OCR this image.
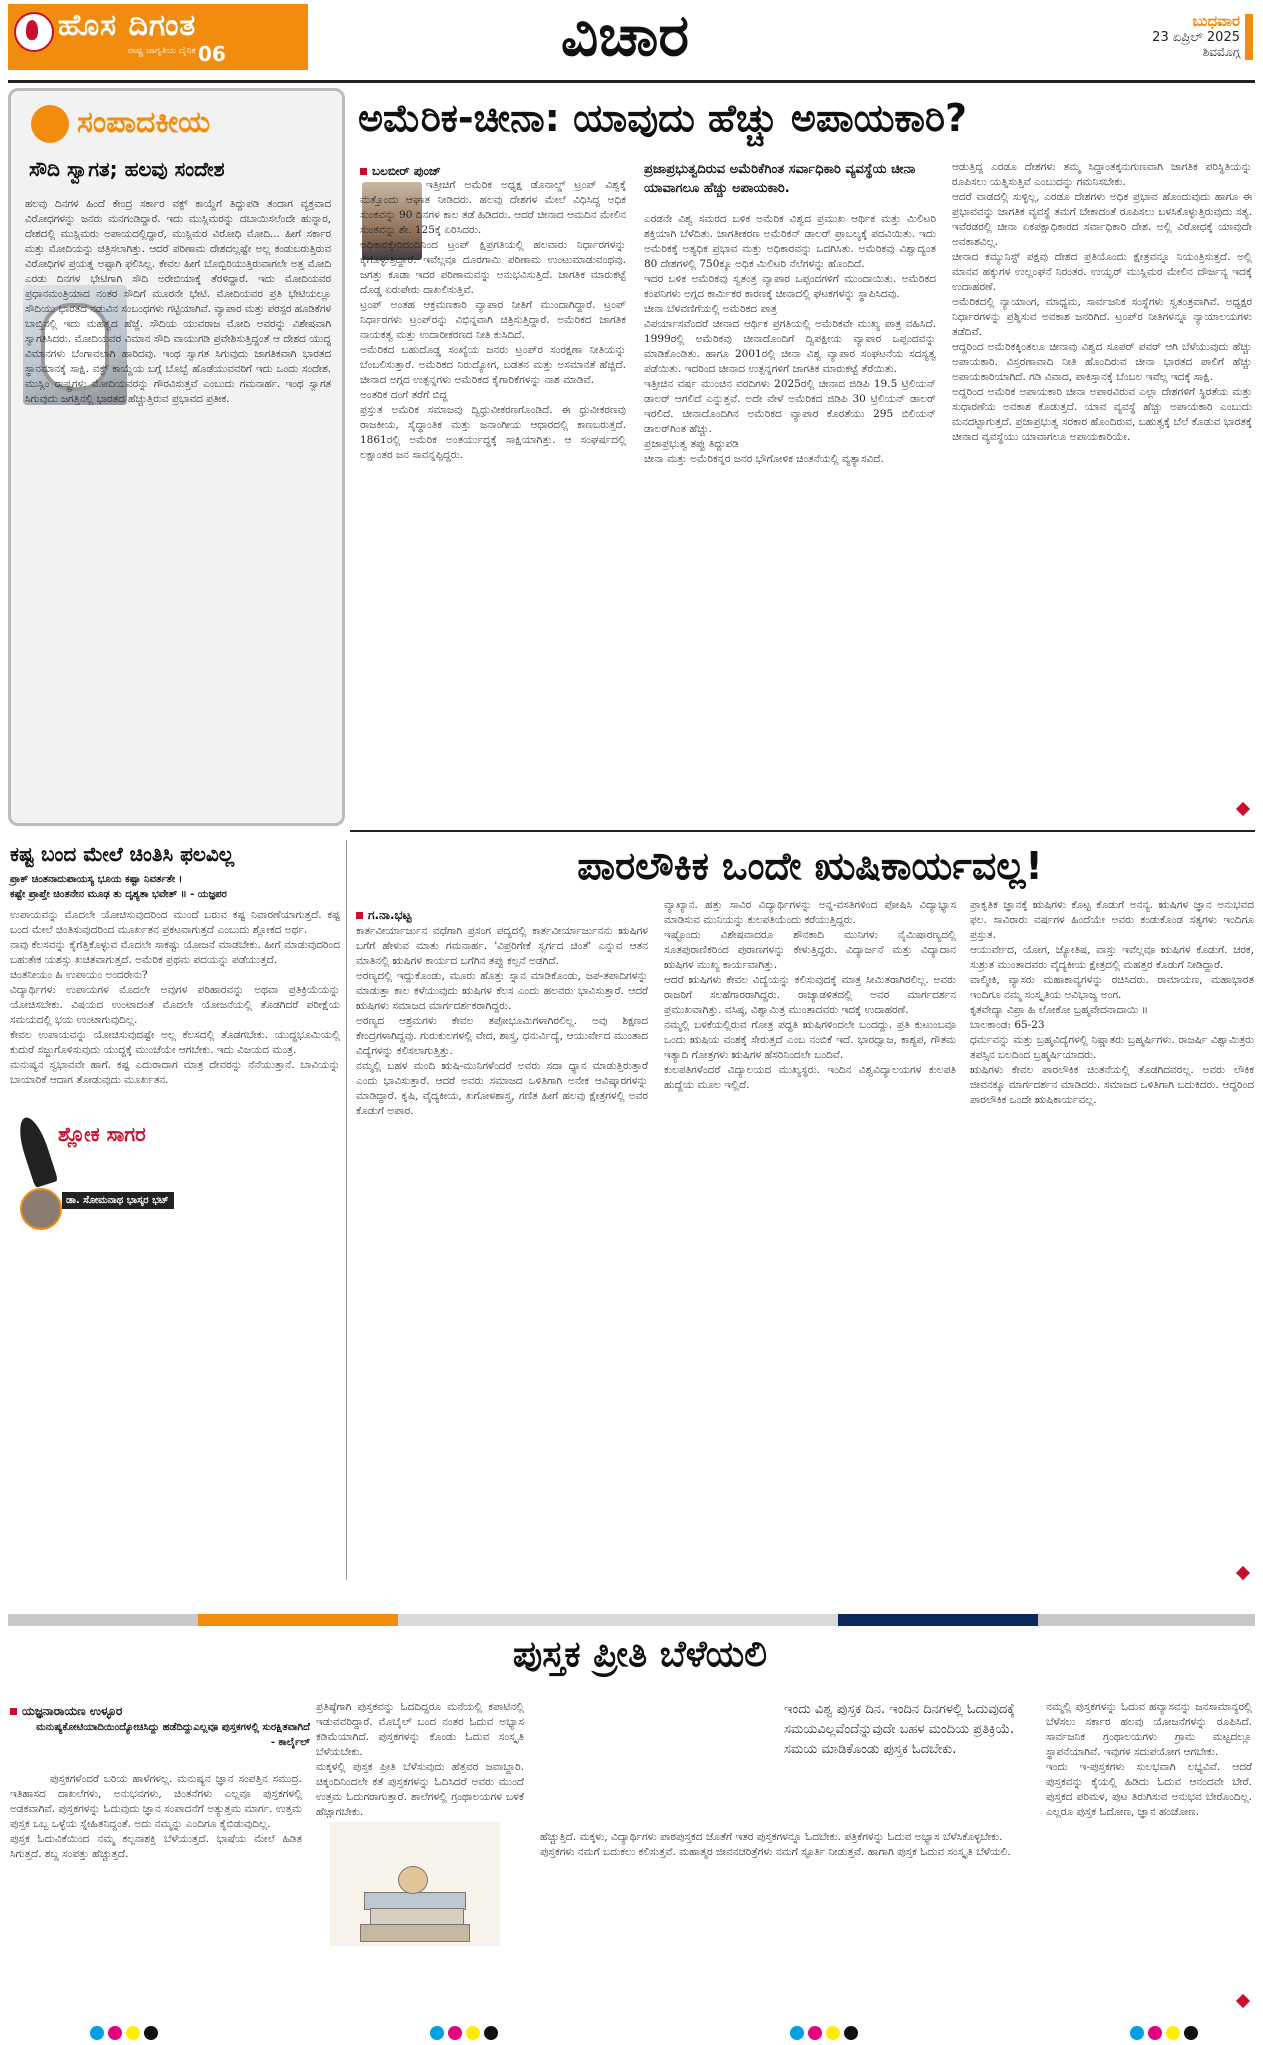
ಹೊಸ ದಿಗಂತ
ರಾಷ್ಟ್ರ ಜಾಗೃತಿಯ ದೈನಿಕ 06	ವಿಚಾರ	ಬುಧವಾರ
23 ಏಪ್ರಿಲ್ 2025
ಶಿವಮೊಗ್ಗ
ಸಂಪಾದಕೀಯ
ಸೌದಿ ಸ್ವಾಗತ; ಹಲವು ಸಂದೇಶ
ಹಲವು ದಿನಗಳ ಹಿಂದೆ ಕೇಂದ್ರ ಸರ್ಕಾರ ವಕ್ಫ್ ಕಾಯ್ದೆಗೆ ತಿದ್ದುಪಡಿ ತಂದಾಗ ವ್ಯಕ್ತವಾದ ವಿರೋಧಗಳನ್ನು ಜನರು ಮನಗಂಡಿದ್ದಾರೆ. ಇದು ಮುಸ್ಲಿಮರನ್ನು ದಬಾಯಿಸಲೆಂದೇ ಹುನ್ನಾರ, ದೇಶದಲ್ಲಿ ಮುಸ್ಲಿಮರು ಅಪಾಯದಲ್ಲಿದ್ದಾರೆ, ಮುಸ್ಲಿಮರ ವಿರೋಧಿ ಮೋದಿ... ಹೀಗೆ ಸರ್ಕಾರ ಮತ್ತು ಮೋದಿಯನ್ನು ಚಿತ್ರಿಸಲಾಗಿತ್ತು. ಆದರೆ ಪರಿಣಾಮ ದೇಶದಲ್ಲಷ್ಟೇ ಅಲ್ಲ ಕಂಡುಬರುತ್ತಿರುವ ವಿರೋಧಿಗಳ ಪ್ರಯತ್ನ ಅಷ್ಟಾಗಿ ಫಲಿಸಿಲ್ಲ. ಕೇವಲ ಹೀಗೆ ಬೊಬ್ಬಿರಿಯುತ್ತಿರುವಾಗಲೇ ಅತ್ತ ಮೋದಿ ಎರಡು ದಿನಗಳ ಭೇಟಿಗಾಗಿ ಸೌದಿ ಅರೇಬಿಯಾಕ್ಕೆ ತೆರಳಿದ್ದಾರೆ. ಇದು ಮೋದಿಯವರ ಪ್ರಧಾನಮಂತ್ರಿಯಾದ ನಂತರ ಸೌದಿಗೆ ಮೂರನೇ ಭೇಟಿ. ಮೋದಿಯವರ ಪ್ರತಿ ಭೇಟಿಯಲ್ಲೂ ಸೌದಿಯು ಭಾರತದ ನಡುವಿನ ಸಂಬಂಧಗಳು ಗಟ್ಟಿಯಾಗಿವೆ. ವ್ಯಾಪಾರ ಮತ್ತು ಪರಸ್ಪರ ಹೂಡಿಕೆಗಳ ಬಾಬ್ತಿನಲ್ಲಿ ಇದು ಮಹತ್ವದ ಹೆಜ್ಜೆ. ಸೌದಿಯ ಯುವರಾಜ ಮೋದಿ ಅವರನ್ನು ವಿಶೇಷವಾಗಿ ಸ್ವಾಗತಿಸಿದರು. ಮೋದಿಯವರ ವಿಮಾನ ಸೌದಿ ವಾಯುಗಡಿ ಪ್ರವೇಶಿಸುತ್ತಿದ್ದಂತೆ ಆ ದೇಶದ ಯುದ್ಧ ವಿಮಾನಗಳು ಬೆಂಗಾವಲಾಗಿ ಹಾರಿದವು. ಇಂಥ ಸ್ವಾಗತ ಸಿಗುವುದು ಜಾಗತಿಕವಾಗಿ ಭಾರತದ ಸ್ಥಾನಮಾನಕ್ಕೆ ಸಾಕ್ಷಿ. ವಕ್ಫ್ ಕಾಯ್ದೆಯ ಬಗ್ಗೆ ಬೊಬ್ಬೆ ಹೊಡೆಯುವವರಿಗೆ ಇದು ಒಂದು ಸಂದೇಶ. ಮುಸ್ಲಿಂ ರಾಷ್ಟ್ರಗಳು ಮೋದಿಯವರನ್ನು ಗೌರವಿಸುತ್ತವೆ ಎಂಬುದು ಗಮನಾರ್ಹ. ಇಂಥ ಸ್ವಾಗತ ಸಿಗುವುದು ಜಗತ್ತಿನಲ್ಲಿ ಭಾರತದ ಹೆಚ್ಚುತ್ತಿರುವ ಪ್ರಭಾವದ ಪ್ರತೀಕ.
ಅಮೆರಿಕ-ಚೀನಾ: ಯಾವುದು ಹೆಚ್ಚು ಅಪಾಯಕಾರಿ?
ಬಲಬೀರ್ ಪುಂಜ್
ಇತ್ತೀಚಿಗೆ ಅಮೆರಿಕ ಅಧ್ಯಕ್ಷ ಡೊನಾಲ್ಡ್ ಟ್ರಂಪ್ ವಿಶ್ವಕ್ಕೆ ಮತ್ತೊಂದು ಆಘಾತ ನೀಡಿದರು. ಹಲವು ದೇಶಗಳ ಮೇಲೆ ವಿಧಿಸಿದ್ದ ಅಧಿಕ ಸುಂಕವನ್ನು 90 ದಿನಗಳ ಕಾಲ ತಡೆ ಹಿಡಿದರು. ಆದರೆ ಚೀನಾದ ಆಮದಿನ ಮೇಲಿನ ಸುಂಕವನ್ನು ಶೇ. 125ಕ್ಕೆ ಏರಿಸಿದರು.
ಅಧಿಕಾರಕ್ಕೇರಿದಂದಿನಿಂದ ಟ್ರಂಪ್ ಕ್ಷಿಪ್ರಗತಿಯಲ್ಲಿ ಹಲವಾರು ನಿರ್ಧಾರಗಳನ್ನು ಕೈಗೊಳ್ಳುತ್ತಿದ್ದಾರೆ. ಇವೆಲ್ಲವೂ ದೂರಗಾಮಿ ಪರಿಣಾಮ ಉಂಟುಮಾಡುವಂಥವು. ಜಗತ್ತು ಕೂಡಾ ಇದರ ಪರಿಣಾಮವನ್ನು ಅನುಭವಿಸುತ್ತಿದೆ. ಜಾಗತಿಕ ಮಾರುಕಟ್ಟೆ ದೊಡ್ಡ ಏರುಪೇರು ದಾಖಲಿಸುತ್ತಿವೆ.
ಟ್ರಂಪ್ ಅಂತಹ ಆಕ್ರಮಣಕಾರಿ ವ್ಯಾಪಾರ ನೀತಿಗೆ ಮುಂದಾಗಿದ್ದಾರೆ. ಟ್ರಂಪ್ ನಿರ್ಧಾರಗಳು ಟ್ರಂಪ್‌ರನ್ನು ವಿಭಿನ್ನವಾಗಿ ಚಿತ್ರಿಸುತ್ತಿದ್ದಾರೆ. ಅಮೆರಿಕದ ಜಾಗತಿಕ ನಾಯಕತ್ವ ಮತ್ತು ಉದಾರೀಕರಣದ ನೀತಿ ಕುಸಿದಿದೆ.
ಅಮೆರಿಕದ ಬಹುದೊಡ್ಡ ಸಂಖ್ಯೆಯ ಜನರು ಟ್ರಂಪ್‌ರ ಸಂರಕ್ಷಣಾ ನೀತಿಯನ್ನು ಬೆಂಬಲಿಸುತ್ತಾರೆ. ಅಮೆರಿಕದ ನಿರುದ್ಯೋಗ, ಬಡತನ ಮತ್ತು ಅಸಮಾನತೆ ಹೆಚ್ಚಿದೆ. ಚೀನಾದ ಅಗ್ಗದ ಉತ್ಪನ್ನಗಳು ಅಮೆರಿಕದ ಕೈಗಾರಿಕೆಗಳನ್ನು ನಾಶ ಮಾಡಿವೆ.
ಅಂತರಿಕ ದಂಗೆ ತರೆಗೆ ಬಿದ್ದ
ಪ್ರಸ್ತುತ ಅಮೆರಿಕ ಸಮಾಜವು ದ್ವಿಧ್ರುವೀಕರಣಗೊಂಡಿದೆ. ಈ ಧ್ರುವೀಕರಣವು ರಾಜಕೀಯ, ಸೈದ್ಧಾಂತಿಕ ಮತ್ತು ಜನಾಂಗೀಯ ಆಧಾರದಲ್ಲಿ ಕಾಣಬರುತ್ತದೆ. 1861ರಲ್ಲಿ ಅಮೆರಿಕ ಅಂತರ್ಯುದ್ಧಕ್ಕೆ ಸಾಕ್ಷಿಯಾಗಿತ್ತು. ಆ ಸಂಘರ್ಷದಲ್ಲಿ ಲಕ್ಷಾಂತರ ಜನ ಸಾವನ್ನಪ್ಪಿದ್ದರು.
ಪ್ರಜಾಪ್ರಭುತ್ವದಿರುವ ಅಮೆರಿಕೆಗಿಂತ ಸರ್ವಾಧಿಕಾರಿ ವ್ಯವಸ್ಥೆಯ ಚೀನಾ ಯಾವಾಗಲೂ ಹೆಚ್ಚು ಅಪಾಯಕಾರಿ.
ಎರಡನೇ ವಿಶ್ವ ಸಮರದ ಬಳಿಕ ಅಮೆರಿಕ ವಿಶ್ವದ ಪ್ರಮುಖ ಆರ್ಥಿಕ ಮತ್ತು ಮಿಲಿಟರಿ ಶಕ್ತಿಯಾಗಿ ಬೆಳೆದಿತು. ಜಾಗತೀಕರಣ ಅಮೆರಿಕನ್ ಡಾಲರ್ ಪ್ರಾಬಲ್ಯಕ್ಕೆ ಪದವಿಯಿತು. ಇದು ಅಮೆರಿಕಕ್ಕೆ ಅತ್ಯಧಿಕ ಪ್ರಭಾವ ಮತ್ತು ಅಧಿಕಾರವನ್ನು ಒದಗಿಸಿತು. ಅಮೆರಿಕವು ವಿಶ್ವಾದ್ಯಂತ 80 ದೇಶಗಳಲ್ಲಿ 750ಕ್ಕೂ ಅಧಿಕ ಮಿಲಿಟರಿ ನೆಲೆಗಳನ್ನು ಹೊಂದಿದೆ.
ಇದರ ಬಳಿಕ ಅಮೆರಿಕವು ಸ್ವತಂತ್ರ ವ್ಯಾಪಾರ ಒಪ್ಪಂದಗಳಿಗೆ ಮುಂದಾಯಿತು. ಅಮೆರಿಕದ ಕಂಪನಿಗಳು ಅಗ್ಗದ ಕಾರ್ಮಿಕರ ಕಾರಣಕ್ಕೆ ಚೀನಾದಲ್ಲಿ ಘಟಕಗಳನ್ನು ಸ್ಥಾಪಿಸಿದವು.
ಚೀನಾ ಬೆಳವಣಿಗೆಯಲ್ಲಿ ಅಮೆರಿಕದ ಪಾತ್ರ
ವಿಪರ್ಯಾಸವೆಂದರೆ ಚೀನಾದ ಆರ್ಥಿಕ ಪ್ರಗತಿಯಲ್ಲಿ ಅಮೆರಿಕವೇ ಮುಖ್ಯ ಪಾತ್ರ ವಹಿಸಿದೆ. 1999ರಲ್ಲಿ ಅಮೆರಿಕವು ಚೀನಾದೊಂದಿಗೆ ದ್ವಿಪಕ್ಷೀಯ ವ್ಯಾಪಾರ ಒಪ್ಪಂದವನ್ನು ಮಾಡಿಕೊಂಡಿತು. ಹಾಗೂ 2001ರಲ್ಲಿ ಚೀನಾ ವಿಶ್ವ ವ್ಯಾಪಾರ ಸಂಘಟನೆಯ ಸದಸ್ಯತ್ವ ಪಡೆಯಿತು. ಇದರಿಂದ ಚೀನಾದ ಉತ್ಪನ್ನಗಳಿಗೆ ಜಾಗತಿಕ ಮಾರುಕಟ್ಟೆ ತೆರೆಯಿತು.
ಇತ್ತೀಚಿನ ವರ್ಷ ಮುಂಚಿನ ವರದಿಗಳು 2025ರಲ್ಲಿ ಚೀನಾದ ಜಿಡಿಪಿ 19.5 ಟ್ರಿಲಿಯನ್ ಡಾಲರ್ ಆಗಲಿದೆ ಎನ್ನುತ್ತವೆ. ಅದೇ ವೇಳೆ ಅಮೆರಿಕದ ಜಿಡಿಪಿ 30 ಟ್ರಿಲಿಯನ್ ಡಾಲರ್ ಇರಲಿದೆ. ಚೀನಾದೊಂದಿಗಿನ ಅಮೆರಿಕದ ವ್ಯಾಪಾರ ಕೊರತೆಯು 295 ಬಿಲಿಯನ್ ಡಾಲರ್‌ಗಿಂತ ಹೆಚ್ಚು.
ಪ್ರಜಾಪ್ರಭುತ್ವ ತಪ್ಪು ತಿದ್ದುಪಡಿ
ಚೀನಾ ಮತ್ತು ಅಮೆರಿಕನ್ನರ ಜನರ ಭೌಗೋಳಿಕ ಚಿಂತನೆಯಲ್ಲಿ ವ್ಯತ್ಯಾಸವಿದೆ.
ಆಡುತ್ತಿದ್ದ ಎರಡೂ ದೇಶಗಳು ತಮ್ಮ ಸಿದ್ಧಾಂತಕ್ಕನುಗುಣವಾಗಿ ಜಾಗತಿಕ ಪರಿಸ್ಥಿತಿಯನ್ನು ರೂಪಿಸಲು ಯತ್ನಿಸುತ್ತಿವೆ ಎಂಬುದನ್ನು ಗಮನಿಸಬೇಕು.
ಆದರೆ ವಾಡದಲ್ಲಿ ಸುಳ್ಳಿಲ್ಲ, ಎರಡೂ ದೇಶಗಳು ಅಧಿಕ ಪ್ರಭಾವ ಹೊಂದುವುದು ಹಾಗೂ ಈ ಪ್ರಭಾವವನ್ನು ಜಾಗತಿಕ ವ್ಯವಸ್ಥೆ ತಮಗೆ ಬೇಕಾದಂತೆ ರೂಪಿಸಲು ಬಳಸಿಕೊಳ್ಳುತ್ತಿರುವುದು ಸತ್ಯ. ಇವೆರಡರಲ್ಲಿ ಚೀನಾ ಏಕಪಕ್ಷಾಧಿಕಾರದ ಸರ್ವಾಧಿಕಾರಿ ದೇಶ. ಅಲ್ಲಿ ವಿರೋಧಕ್ಕೆ ಯಾವುದೇ ಅವಕಾಶವಿಲ್ಲ.
ಚೀನಾದ ಕಮ್ಯುನಿಸ್ಟ್ ಪಕ್ಷವು ದೇಶದ ಪ್ರತಿಯೊಂದು ಕ್ಷೇತ್ರವನ್ನೂ ನಿಯಂತ್ರಿಸುತ್ತದೆ. ಅಲ್ಲಿ ಮಾನವ ಹಕ್ಕುಗಳ ಉಲ್ಲಂಘನೆ ನಿರಂತರ. ಉಯ್ಘರ್ ಮುಸ್ಲಿಮರ ಮೇಲಿನ ದೌರ್ಜನ್ಯ ಇದಕ್ಕೆ ಉದಾಹರಣೆ.
ಅಮೆರಿಕದಲ್ಲಿ ನ್ಯಾಯಾಂಗ, ಮಾಧ್ಯಮ, ಸಾರ್ವಜನಿಕ ಸಂಸ್ಥೆಗಳು ಸ್ವತಂತ್ರವಾಗಿವೆ. ಅಧ್ಯಕ್ಷರ ನಿರ್ಧಾರಗಳನ್ನು ಪ್ರಶ್ನಿಸುವ ಅವಕಾಶ ಜನರಿಗಿದೆ. ಟ್ರಂಪ್‌ರ ನೀತಿಗಳನ್ನೂ ನ್ಯಾಯಾಲಯಗಳು ತಡೆದಿವೆ.
ಆದ್ದರಿಂದ ಅಮೆರಿಕಕ್ಕಿಂತಲೂ ಚೀನಾವು ವಿಶ್ವದ ಸೂಪರ್ ಪವರ್ ಆಗಿ ಬೆಳೆಯುವುದು ಹೆಚ್ಚು ಅಪಾಯಕಾರಿ. ವಿಸ್ತರಣಾವಾದಿ ನೀತಿ ಹೊಂದಿರುವ ಚೀನಾ ಭಾರತದ ಪಾಲಿಗೆ ಹೆಚ್ಚು ಅಪಾಯಕಾರಿಯಾಗಿದೆ. ಗಡಿ ವಿವಾದ, ಪಾಕಿಸ್ತಾನಕ್ಕೆ ಬೆಂಬಲ ಇವೆಲ್ಲ ಇದಕ್ಕೆ ಸಾಕ್ಷಿ.
ಅದ್ದರಿಂದ ಅಮೆರಿಕ ಅಪಾಯಕಾರಿ ಚೀನಾ ಅಪಾರವಿರುವ ಎಲ್ಲಾ ದೇಶಗಳಿಗೆ ಸ್ಥಿರತೆಯ ಮತ್ತು ಸುಧಾರಣೆಯ ಅವಕಾಶ ಕೊಡುತ್ತದೆ. ಯಾವ ವ್ಯವಸ್ಥೆ ಹೆಚ್ಚು ಅಪಾಯಕಾರಿ ಎಂಬುದು ಮನದಟ್ಟಾಗುತ್ತದೆ. ಪ್ರಜಾಪ್ರಭುತ್ವ ಸರಕಾರ ಹೊಂದಿರುವ, ಬಹುತ್ವಕ್ಕೆ ಬೆಲೆ ಕೊಡುವ ಭಾರತಕ್ಕೆ ಚೀನಾದ ವ್ಯವಸ್ಥೆಯು ಯಾವಾಗಲೂ ಅಪಾಯಕಾರಿಯೇ.
ಕಷ್ಟ ಬಂದ ಮೇಲೆ ಚಿಂತಿಸಿ ಫಲವಿಲ್ಲ
ಪ್ರಾಕ್ ಚಿಂತನಾದುಪಾಯಸ್ಯ ಭೂಯ ಕಷ್ಟಾ ನಿವರ್ತತೇ ।
ಕಷ್ಟೇ ಪ್ರಾಪ್ತೇ ಚಿಂತನೇನ ಮೂಢ ತು ದೃಶ್ಯತಾ ಭವೇತ್ ॥ - ಯಜ್ಞಪರ
ಉಪಾಯವನ್ನು ಮೊದಲೇ ಯೋಚಿಸುವುದರಿಂದ ಮುಂದೆ ಬರುವ ಕಷ್ಟ ನಿವಾರಣೆಯಾಗುತ್ತದೆ. ಕಷ್ಟ ಬಂದ ಮೇಲೆ ಚಿಂತಿಸುವುದರಿಂದ ಮೂರ್ಖತನ ಪ್ರಕಟವಾಗುತ್ತದೆ ಎಂಬುದು ಶ್ಲೋಕದ ಅರ್ಥ.
ನಾವು ಕೆಲಸವನ್ನು ಕೈಗೆತ್ತಿಕೊಳ್ಳುವ ಮೊದಲೇ ಸಾಕಷ್ಟು ಯೋಜನೆ ಮಾಡಬೇಕು. ಹೀಗೆ ಮಾಡುವುದರಿಂದ ಬಹುತೇಕ ಯಶಸ್ಸು ಖಚಿತವಾಗುತ್ತದೆ. ಅಮೆರಿಕ ಪ್ರಥಮ ಪದಯನ್ನು ಪಡೆಯುತ್ತದೆ.
ಚಿಂತನೀಯಂ ಹಿ ಉಪಾಯಂ ಅಂದರೇನು?
ವಿದ್ಯಾರ್ಥಿಗಳು ಉಪಾಯಗಳ ಮೊದಲೇ ಅವುಗಳ ಪರಿಹಾರವನ್ನು ಅಥವಾ ಪ್ರತಿಕ್ರಿಯೆಯನ್ನು ಯೋಚಿಸಬೇಕು. ವಿಷಯದ ಉಂಟಾದಂತೆ ಮೊದಲೇ ಯೋಜನೆಯಲ್ಲಿ ತೊಡಗಿದರೆ ಪರೀಕ್ಷೆಯ ಸಮಯದಲ್ಲಿ ಭಯ ಉಂಟಾಗುವುದಿಲ್ಲ.
ಕೇವಲ ಉಪಾಯವನ್ನು ಯೋಚಿಸುವುದಷ್ಟೇ ಅಲ್ಲ ಕೆಲಸದಲ್ಲಿ ತೊಡಗಬೇಕು. ಯುದ್ಧಭೂಮಿಯಲ್ಲಿ ಕುದುರೆ ಸಜ್ಜುಗೊಳಿಸುವುದು ಯುದ್ಧಕ್ಕೆ ಮುಂಚೆಯೇ ಆಗಬೇಕು. ಇದು ವಿಜಯದ ಮಂತ್ರ.
ಮನುಷ್ಯನ ಸ್ವಭಾವವೇ ಹಾಗೆ. ಕಷ್ಟ ಎದುರಾದಾಗ ಮಾತ್ರ ದೇವರನ್ನು ನೆನೆಯುತ್ತಾನೆ. ಬಾವಿಯನ್ನು ಬಾಯಾರಿಕೆ ಆದಾಗ ತೋಡುವುದು ಮೂರ್ಖತನ.
ಶ್ಲೋಕ ಸಾಗರ
ಡಾ. ಸೋಮನಾಥ ಭಾಸ್ಕರ ಭಟ್
ಪಾರಲೌಕಿಕ ಒಂದೇ ಋಷಿಕಾರ್ಯವಲ್ಲ!
ಗ.ನಾ.ಭಟ್ಟ
ಕಾರ್ತವೀರ್ಯಾರ್ಜುನ ವಧೆಗಾಗಿ ಪ್ರಸಂಗ ಪದ್ಯದಲ್ಲಿ ಕಾರ್ತವೀರ್ಯಾರ್ಜುನನು ಋಷಿಗಳ ಬಗೆಗೆ ಹೇಳುವ ಮಾತು ಗಮನಾರ್ಹ. 'ವಿಪ್ರರಿಗೇಕೆ ಸ್ವರ್ಗದ ಚಿಂತೆ' ಎನ್ನುವ ಆತನ ಮಾತಿನಲ್ಲಿ ಋಷಿಗಳ ಕಾರ್ಯದ ಬಗೆಗಿನ ತಪ್ಪು ಕಲ್ಪನೆ ಅಡಗಿದೆ.
ಅರಣ್ಯದಲ್ಲಿ ಇದ್ದುಕೊಂಡು, ಮೂರು ಹೊತ್ತು ಸ್ನಾನ ಮಾಡಿಕೊಂಡು, ಜಪ-ತಪಾದಿಗಳನ್ನು ಮಾಡುತ್ತಾ ಕಾಲ ಕಳೆಯುವುದು ಋಷಿಗಳ ಕೆಲಸ ಎಂದು ಹಲವರು ಭಾವಿಸುತ್ತಾರೆ. ಆದರೆ ಋಷಿಗಳು ಸಮಾಜದ ಮಾರ್ಗದರ್ಶಕರಾಗಿದ್ದರು.
ಅರಣ್ಯದ ಆಶ್ರಮಗಳು ಕೇವಲ ತಪೋಭೂಮಿಗಳಾಗಿರಲಿಲ್ಲ. ಅವು ಶಿಕ್ಷಣದ ಕೇಂದ್ರಗಳಾಗಿದ್ದವು. ಗುರುಕುಲಗಳಲ್ಲಿ ವೇದ, ಶಾಸ್ತ್ರ, ಧನುರ್ವಿದ್ಯೆ, ಆಯುರ್ವೇದ ಮುಂತಾದ ವಿದ್ಯೆಗಳನ್ನು ಕಲಿಸಲಾಗುತ್ತಿತ್ತು.
ನಮ್ಮಲ್ಲಿ ಬಹಳ ಮಂದಿ ಋಷಿ-ಮುನಿಗಳೆಂದರೆ ಅವರು ಸದಾ ಧ್ಯಾನ ಮಾಡುತ್ತಿರುತ್ತಾರೆ ಎಂದು ಭಾವಿಸುತ್ತಾರೆ. ಆದರೆ ಅವರು ಸಮಾಜದ ಒಳಿತಿಗಾಗಿ ಅನೇಕ ಆವಿಷ್ಕಾರಗಳನ್ನು ಮಾಡಿದ್ದಾರೆ. ಕೃಷಿ, ವೈದ್ಯಕೀಯ, ಖಗೋಳಶಾಸ್ತ್ರ, ಗಣಿತ ಹೀಗೆ ಹಲವು ಕ್ಷೇತ್ರಗಳಲ್ಲಿ ಅವರ ಕೊಡುಗೆ ಅಪಾರ.
ವ್ಯಾಖ್ಯಾನ. ಹತ್ತು ಸಾವಿರ ವಿದ್ಯಾರ್ಥಿಗಳನ್ನು ಅನ್ನ-ವಸತಿಗಳಿಂದ ಪೋಷಿಸಿ ವಿದ್ಯಾಭ್ಯಾಸ ಮಾಡಿಸುವ ಮುನಿಯನ್ನು ಕುಲಪತಿಯೆಂದು ಕರೆಯುತ್ತಿದ್ದರು.
ಇಷ್ಟೊಂದು ವಿಶೇಷವಾದರೂ ಶೌನಕಾದಿ ಮುನಿಗಳು ನೈಮಿಷಾರಣ್ಯದಲ್ಲಿ ಸೂತಪುರಾಣಿಕರಿಂದ ಪುರಾಣಗಳನ್ನು ಕೇಳುತ್ತಿದ್ದರು. ವಿದ್ಯಾರ್ಜನೆ ಮತ್ತು ವಿದ್ಯಾದಾನ ಋಷಿಗಳ ಮುಖ್ಯ ಕಾರ್ಯವಾಗಿತ್ತು.
ಆದರೆ ಋಷಿಗಳು ಕೇವಲ ವಿದ್ಯೆಯನ್ನು ಕಲಿಸುವುದಕ್ಕೆ ಮಾತ್ರ ಸೀಮಿತರಾಗಿರಲಿಲ್ಲ. ಅವರು ರಾಜರಿಗೆ ಸಲಹೆಗಾರರಾಗಿದ್ದರು. ರಾಜ್ಯಾಡಳಿತದಲ್ಲಿ ಅವರ ಮಾರ್ಗದರ್ಶನ ಪ್ರಮುಖವಾಗಿತ್ತು. ವಸಿಷ್ಠ, ವಿಶ್ವಾಮಿತ್ರ ಮುಂತಾದವರು ಇದಕ್ಕೆ ಉದಾಹರಣೆ.
ನಮ್ಮಲ್ಲಿ ಬಳಕೆಯಲ್ಲಿರುವ ಗೋತ್ರ ಪದ್ಧತಿ ಋಷಿಗಳಿಂದಲೇ ಬಂದದ್ದು. ಪ್ರತಿ ಕುಟುಂಬವೂ ಒಂದು ಋಷಿಯ ವಂಶಕ್ಕೆ ಸೇರುತ್ತದೆ ಎಂಬ ನಂಬಿಕೆ ಇದೆ. ಭಾರದ್ವಾಜ, ಕಾಶ್ಯಪ, ಗೌತಮ ಇತ್ಯಾದಿ ಗೋತ್ರಗಳು ಋಷಿಗಳ ಹೆಸರಿನಿಂದಲೇ ಬಂದಿವೆ.
ಕುಲಪತಿಗಳೆಂದರೆ ವಿದ್ಯಾಲಯದ ಮುಖ್ಯಸ್ಥರು. ಇಂದಿನ ವಿಶ್ವವಿದ್ಯಾಲಯಗಳ ಕುಲಪತಿ ಹುದ್ದೆಯ ಮೂಲ ಇಲ್ಲಿದೆ.
ಪ್ರಾಕೃತಿಕ ಜ್ಞಾನಕ್ಕೆ ಋಷಿಗಳು ಕೊಟ್ಟ ಕೊಡುಗೆ ಅನನ್ಯ. ಋಷಿಗಳ ಜ್ಞಾನ ಅನುಭವದ ಫಲ. ಸಾವಿರಾರು ವರ್ಷಗಳ ಹಿಂದೆಯೇ ಅವರು ಕಂಡುಕೊಂಡ ಸತ್ಯಗಳು ಇಂದಿಗೂ ಪ್ರಸ್ತುತ.
ಆಯುರ್ವೇದ, ಯೋಗ, ಜ್ಯೋತಿಷ, ವಾಸ್ತು ಇವೆಲ್ಲವೂ ಋಷಿಗಳ ಕೊಡುಗೆ. ಚರಕ, ಸುಶ್ರುತ ಮುಂತಾದವರು ವೈದ್ಯಕೀಯ ಕ್ಷೇತ್ರದಲ್ಲಿ ಮಹತ್ತರ ಕೊಡುಗೆ ನೀಡಿದ್ದಾರೆ.
ವಾಲ್ಮೀಕಿ, ವ್ಯಾಸರು ಮಹಾಕಾವ್ಯಗಳನ್ನು ರಚಿಸಿದರು. ರಾಮಾಯಣ, ಮಹಾಭಾರತ ಇಂದಿಗೂ ನಮ್ಮ ಸಂಸ್ಕೃತಿಯ ಅವಿಭಾಜ್ಯ ಅಂಗ.
ಕೃತವೇದ್ಯಾ ವಿಪ್ರಾ ಹಿ ಲೋಕೋ ಬ್ರಹ್ಮವೇದನಾದಾಯಿ ॥
ಬಾಲಕಾಂಡ: 65-23
ಧರ್ಮವನ್ನು ಮತ್ತು ಬ್ರಹ್ಮವಿದ್ಯೆಗಳಲ್ಲಿ ನಿಷ್ಣಾತರು ಬ್ರಹ್ಮರ್ಷಿಗಳು. ರಾಜರ್ಷಿ ವಿಶ್ವಾಮಿತ್ರರು ತಪಸ್ಸಿನ ಬಲದಿಂದ ಬ್ರಹ್ಮರ್ಷಿಯಾದರು.
ಋಷಿಗಳು ಕೇವಲ ಪಾರಲೌಕಿಕ ಚಿಂತನೆಯಲ್ಲಿ ತೊಡಗಿದವರಲ್ಲ. ಅವರು ಲೌಕಿಕ ಜೀವನಕ್ಕೂ ಮಾರ್ಗದರ್ಶನ ಮಾಡಿದರು. ಸಮಾಜದ ಒಳಿತಿಗಾಗಿ ಬದುಕಿದರು. ಆದ್ದರಿಂದ ಪಾರಲೌಕಿಕ ಒಂದೇ ಋಷಿಕಾರ್ಯವಲ್ಲ.
ಪುಸ್ತಕ ಪ್ರೀತಿ ಬೆಳೆಯಲಿ
ಯಜ್ಞನಾರಾಯಣ ಉಳ್ಳೂರ
ಮನುಷ್ಯಕೋಟಿಯಾದಿಯಿಂದ್ಯೋಚಿಸಿದ್ದು ಹಡೆದಿದ್ದುಎಲ್ಲವೂ ಪುಸ್ತಕಗಳಲ್ಲಿ ಸುರಕ್ಷಿತವಾಗಿದೆ
- ಕಾರ್ಲೈಲ್
ಪುಸ್ತಕಗಳೆಂದರೆ ಬರಿಯ ಹಾಳೆಗಳಲ್ಲ. ಮನುಷ್ಯನ ಜ್ಞಾನ ಸಂಪತ್ತಿನ ಸಮುದ್ರ. ಇತಿಹಾಸದ ದಾಖಲೆಗಳು, ಅನುಭವಗಳು, ಚಿಂತನೆಗಳು ಎಲ್ಲವೂ ಪುಸ್ತಕಗಳಲ್ಲಿ ಅಡಕವಾಗಿವೆ. ಪುಸ್ತಕಗಳನ್ನು ಓದುವುದು ಜ್ಞಾನ ಸಂಪಾದನೆಗೆ ಅತ್ಯುತ್ತಮ ಮಾರ್ಗ. ಉತ್ತಮ ಪುಸ್ತಕ ಒಬ್ಬ ಒಳ್ಳೆಯ ಸ್ನೇಹಿತನಿದ್ದಂತೆ. ಅದು ನಮ್ಮನ್ನು ಎಂದಿಗೂ ಕೈಬಿಡುವುದಿಲ್ಲ.
ಪುಸ್ತಕ ಓದುವಿಕೆಯಿಂದ ನಮ್ಮ ಕಲ್ಪನಾಶಕ್ತಿ ಬೆಳೆಯುತ್ತದೆ. ಭಾಷೆಯ ಮೇಲೆ ಹಿಡಿತ ಸಿಗುತ್ತದೆ. ಶಬ್ದ ಸಂಪತ್ತು ಹೆಚ್ಚುತ್ತದೆ.
ಪ್ರತಿಷ್ಠೆಗಾಗಿ ಪುಸ್ತಕವನ್ನು ಓದದಿದ್ದರೂ ಮನೆಯಲ್ಲಿ ಕಪಾಟಿನಲ್ಲಿ ಇಡುವವರಿದ್ದಾರೆ. ಮೊಬೈಲ್ ಬಂದ ನಂತರ ಓದುವ ಅಭ್ಯಾಸ ಕಡಿಮೆಯಾಗಿದೆ. ಪುಸ್ತಕಗಳನ್ನು ಕೊಂಡು ಓದುವ ಸಂಸ್ಕೃತಿ ಬೆಳೆಯಬೇಕು.
ಮಕ್ಕಳಲ್ಲಿ ಪುಸ್ತಕ ಪ್ರೀತಿ ಬೆಳೆಸುವುದು ಹೆತ್ತವರ ಜವಾಬ್ದಾರಿ. ಚಿಕ್ಕಂದಿನಿಂದಲೇ ಕತೆ ಪುಸ್ತಕಗಳನ್ನು ಓದಿಸಿದರೆ ಅವರು ಮುಂದೆ ಉತ್ತಮ ಓದುಗರಾಗುತ್ತಾರೆ. ಶಾಲೆಗಳಲ್ಲಿ ಗ್ರಂಥಾಲಯಗಳ ಬಳಕೆ ಹೆಚ್ಚಾಗಬೇಕು.
ಇಂದು ವಿಶ್ವ ಪುಸ್ತಕ ದಿನ. ಇಂದಿನ ದಿನಗಳಲ್ಲಿ ಓದುವುದಕ್ಕೆ ಸಮಯವಿಲ್ಲವೆಂದೆನ್ನುವುದೇ ಬಹಳ ಮಂದಿಯ ಪ್ರತಿಕ್ರಿಯೆ. ಸಮಯ ಮಾಡಿಕೊಂಡು ಪುಸ್ತಕ ಓದಬೇಕು.
ಹೆಚ್ಚುತ್ತಿದೆ. ಮಕ್ಕಳು, ವಿದ್ಯಾರ್ಥಿಗಳು ಪಾಠಪುಸ್ತಕದ ಜೊತೆಗೆ ಇತರ ಪುಸ್ತಕಗಳನ್ನೂ ಓದಬೇಕು. ಪತ್ರಿಕೆಗಳನ್ನು ಓದುವ ಅಭ್ಯಾಸ ಬೆಳೆಸಿಕೊಳ್ಳಬೇಕು.
ಪುಸ್ತಕಗಳು ನಮಗೆ ಬದುಕಲು ಕಲಿಸುತ್ತವೆ. ಮಹಾತ್ಮರ ಜೀವನಚರಿತ್ರೆಗಳು ನಮಗೆ ಸ್ಫೂರ್ತಿ ನೀಡುತ್ತವೆ. ಹಾಗಾಗಿ ಪುಸ್ತಕ ಓದುವ ಸಂಸ್ಕೃತಿ ಬೆಳೆಯಲಿ.
ನಮ್ಮಲ್ಲಿ ಪುಸ್ತಕಗಳನ್ನು ಓದುವ ಹವ್ಯಾಸವನ್ನು ಜನಸಾಮಾನ್ಯರಲ್ಲಿ ಬೆಳೆಸಲು ಸರ್ಕಾರ ಹಲವು ಯೋಜನೆಗಳನ್ನು ರೂಪಿಸಿದೆ. ಸಾರ್ವಜನಿಕ ಗ್ರಂಥಾಲಯಗಳು ಗ್ರಾಮ ಮಟ್ಟದಲ್ಲೂ ಸ್ಥಾಪನೆಯಾಗಿವೆ. ಇವುಗಳ ಸದುಪಯೋಗ ಆಗಬೇಕು.
ಇಂದು ಇ-ಪುಸ್ತಕಗಳು ಸುಲಭವಾಗಿ ಲಭ್ಯವಿವೆ. ಆದರೆ ಪುಸ್ತಕವನ್ನು ಕೈಯಲ್ಲಿ ಹಿಡಿದು ಓದುವ ಆನಂದವೇ ಬೇರೆ. ಪುಸ್ತಕದ ಪರಿಮಳ, ಪುಟ ತಿರುಗಿಸುವ ಅನುಭವ ಬೇರೊಂದಿಲ್ಲ. ಎಲ್ಲರೂ ಪುಸ್ತಕ ಓದೋಣ, ಜ್ಞಾನ ಹಂಚೋಣ.
